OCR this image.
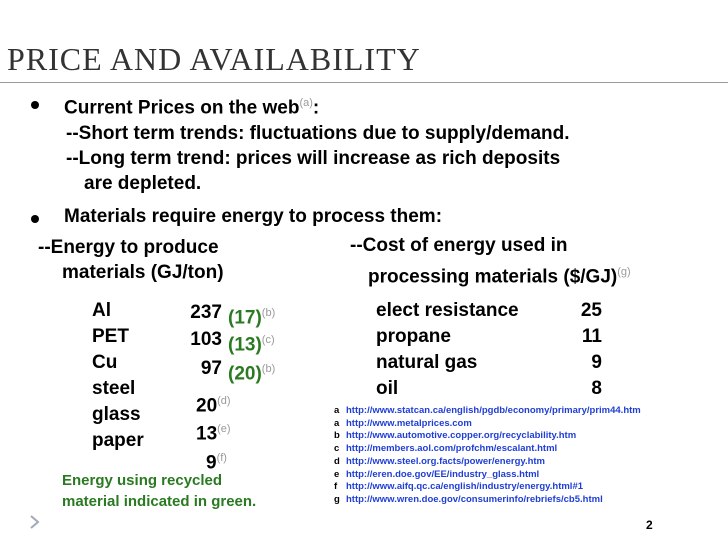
PRICE AND AVAILABILITY
Current Prices on the web$^{(a)}$:
--Short term trends: fluctuations due to supply/demand.
--Long term trend: prices will increase as rich deposits
are depleted.
Materials require energy to process them:
--Energy to produce
materials (GJ/ton)
--Cost of energy used in
processing materials ($/GJ)$^{(g)}$
Al
PET
Cu
steel
glass
paper
237
103
97
$(17)^{(b)}$
$(13)^{(c)}$
$(20)^{(b)}$
20$^{(d)}$
13$^{(e)}$
9$^{(f)}$
elect resistance
propane
natural gas
oil
25
11
9
8
a http://www.statcan.ca/english/pgdb/economy/primary/prim44.htm
a http://www.metalprices.com
b http://www.automotive.copper.org/recyclability.htm
c http://members.aol.com/profchm/escalant.html
d http://www.steel.org.facts/power/energy.htm
e http://eren.doe.gov/EE/industry_glass.html
f http://www.aifq.qc.ca/english/industry/energy.html#1
g http://www.wren.doe.gov/consumerinfo/rebriefs/cb5.html
Energy using recycled
material indicated in green.
2
